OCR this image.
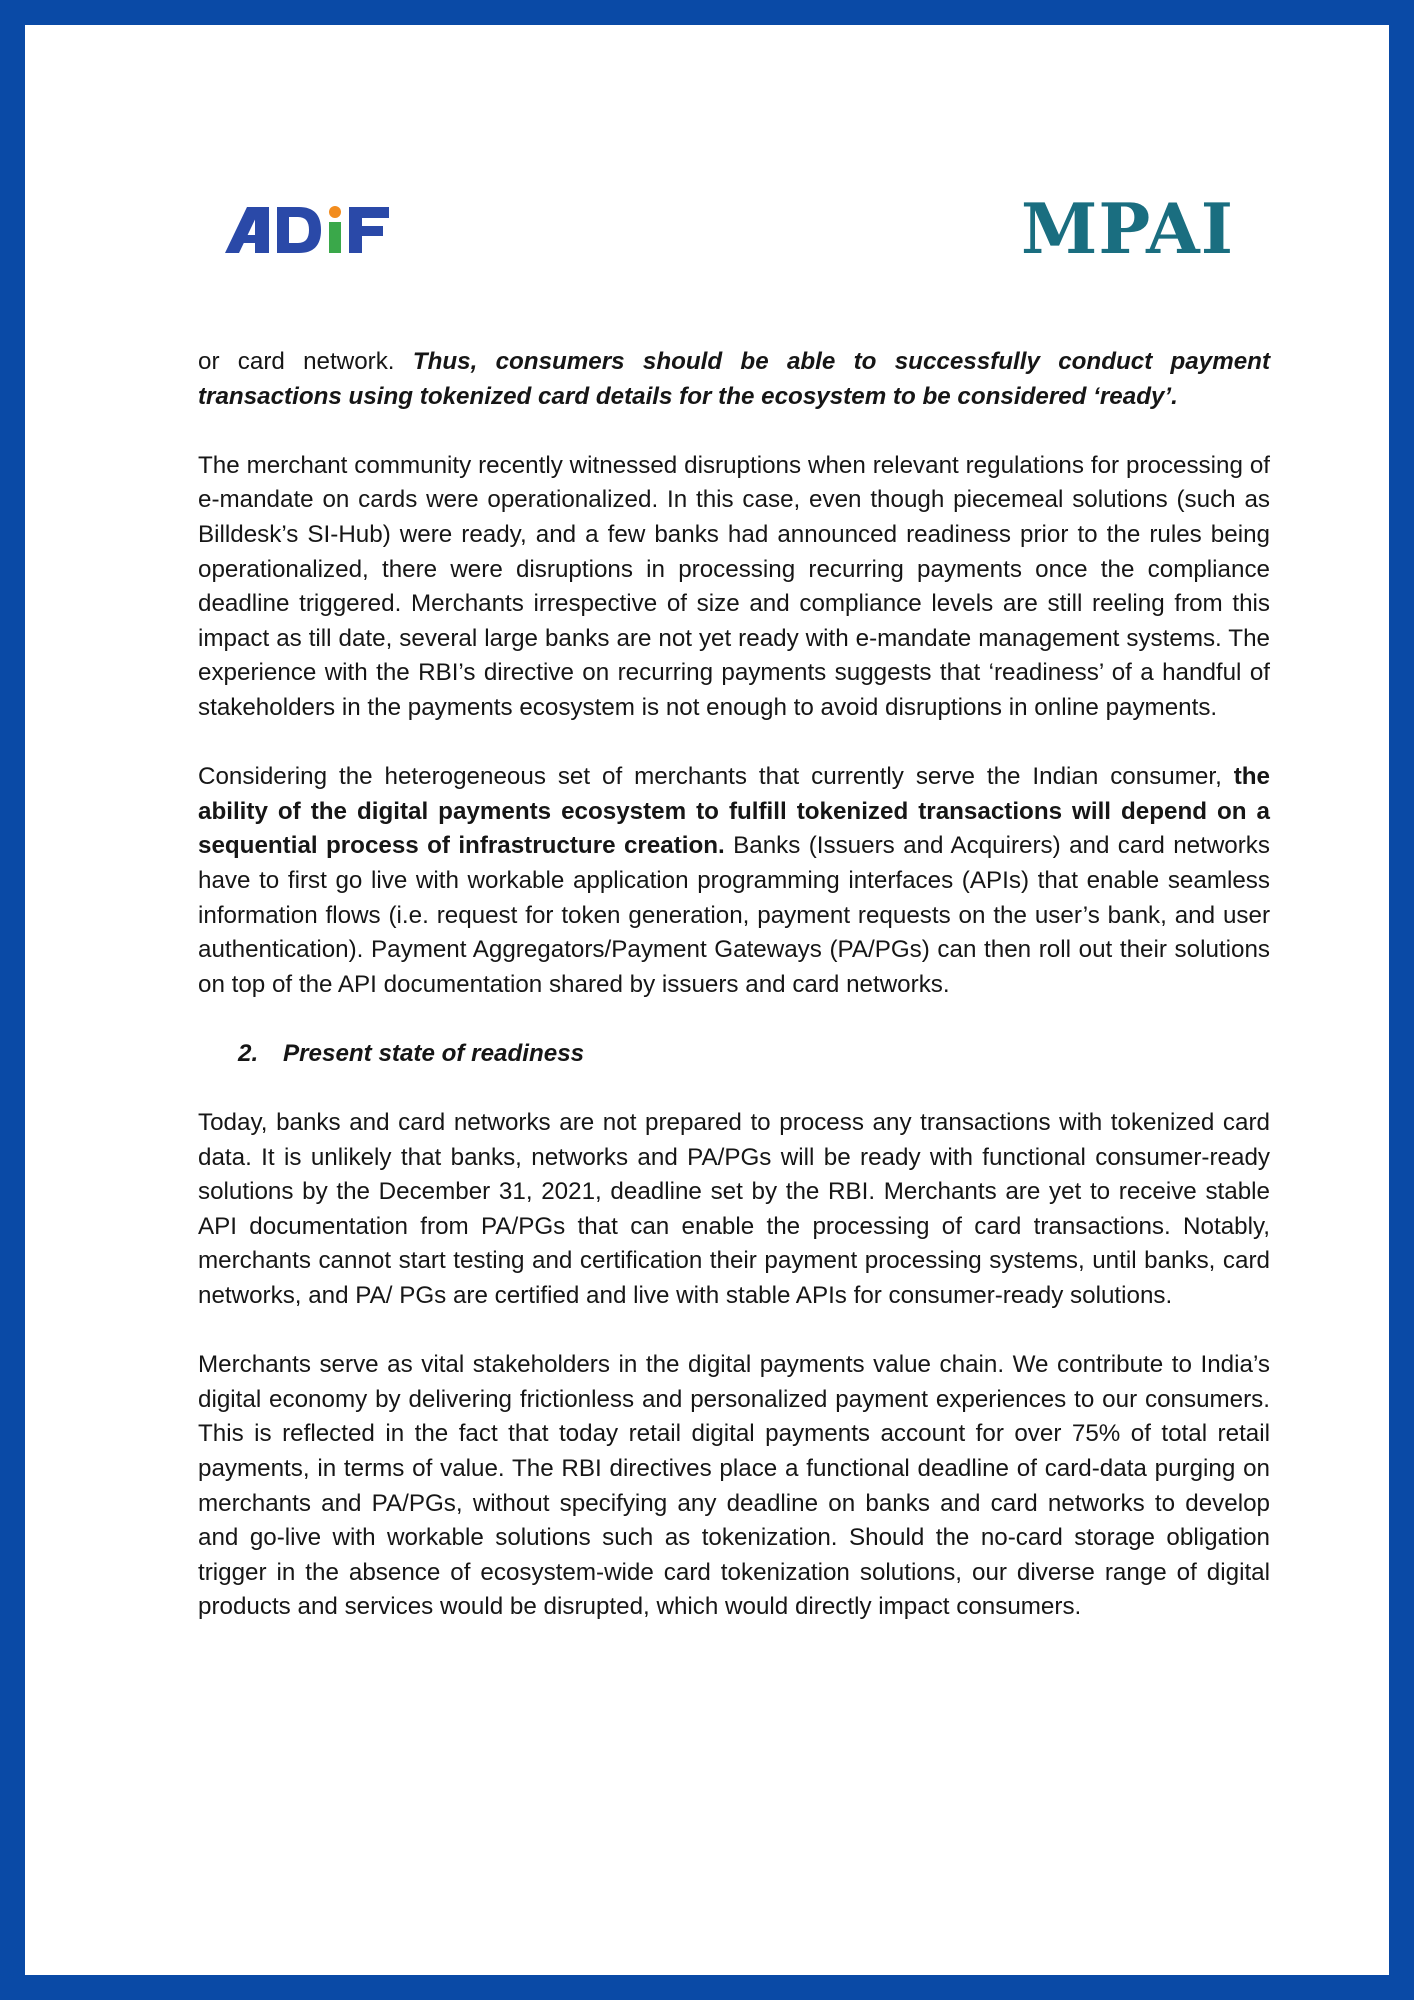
MPAI

or card network. Thus, consumers should be able to successfully conduct payment transactions using tokenized card details for the ecosystem to be considered ‘ready’.

The merchant community recently witnessed disruptions when relevant regulations for processing of e-mandate on cards were operationalized. In this case, even though piecemeal solutions (such as Billdesk’s SI-Hub) were ready, and a few banks had announced readiness prior to the rules being operationalized, there were disruptions in processing recurring payments once the compliance deadline triggered. Merchants irrespective of size and compliance levels are still reeling from this impact as till date, several large banks are not yet ready with e-mandate management systems. The experience with the RBI’s directive on recurring payments suggests that ‘readiness’ of a handful of stakeholders in the payments ecosystem is not enough to avoid disruptions in online payments.

Considering the heterogeneous set of merchants that currently serve the Indian consumer, the ability of the digital payments ecosystem to fulfill tokenized transactions will depend on a sequential process of infrastructure creation. Banks (Issuers and Acquirers) and card networks have to first go live with workable application programming interfaces (APIs) that enable seamless information flows (i.e. request for token generation, payment requests on the user’s bank, and user authentication). Payment Aggregators/Payment Gateways (PA/PGs) can then roll out their solutions on top of the API documentation shared by issuers and card networks.

2. Present state of readiness

Today, banks and card networks are not prepared to process any transactions with tokenized card data. It is unlikely that banks, networks and PA/PGs will be ready with functional consumer-ready solutions by the December 31, 2021, deadline set by the RBI. Merchants are yet to receive stable API documentation from PA/PGs that can enable the processing of card transactions. Notably, merchants cannot start testing and certification their payment processing systems, until banks, card networks, and PA/ PGs are certified and live with stable APIs for consumer-ready solutions.

Merchants serve as vital stakeholders in the digital payments value chain. We contribute to India’s digital economy by delivering frictionless and personalized payment experiences to our consumers. This is reflected in the fact that today retail digital payments account for over 75% of total retail payments, in terms of value. The RBI directives place a functional deadline of card-data purging on merchants and PA/PGs, without specifying any deadline on banks and card networks to develop and go-live with workable solutions such as tokenization. Should the no-card storage obligation trigger in the absence of ecosystem-wide card tokenization solutions, our diverse range of digital products and services would be disrupted, which would directly impact consumers.
